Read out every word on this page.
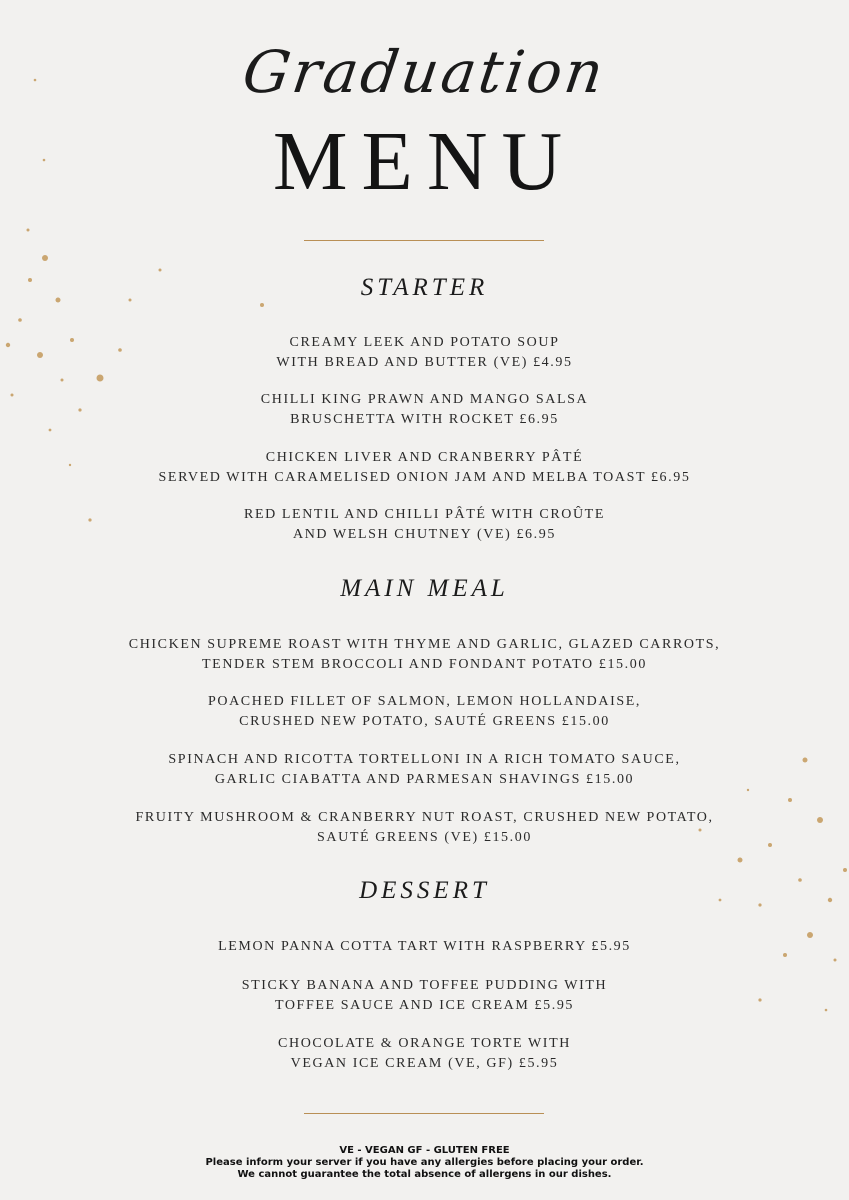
Graduation
MENU
STARTER
CREAMY LEEK AND POTATO SOUP
WITH BREAD AND BUTTER (VE) £4.95
CHILLI KING PRAWN AND MANGO SALSA
BRUSCHETTA WITH ROCKET £6.95
CHICKEN LIVER AND CRANBERRY PÂTÉ
SERVED WITH CARAMELISED ONION JAM AND MELBA TOAST £6.95
RED LENTIL AND CHILLI PÂTÉ WITH CROÛTE
AND WELSH CHUTNEY (VE) £6.95
MAIN MEAL
CHICKEN SUPREME ROAST WITH THYME AND GARLIC, GLAZED CARROTS,
TENDER STEM BROCCOLI AND FONDANT POTATO £15.00
POACHED FILLET OF SALMON, LEMON HOLLANDAISE,
CRUSHED NEW POTATO, SAUTÉ GREENS £15.00
SPINACH AND RICOTTA TORTELLONI IN A RICH TOMATO SAUCE,
GARLIC CIABATTA AND PARMESAN SHAVINGS £15.00
FRUITY MUSHROOM & CRANBERRY NUT ROAST, CRUSHED NEW POTATO,
SAUTÉ GREENS (VE) £15.00
DESSERT
LEMON PANNA COTTA TART WITH RASPBERRY £5.95
STICKY BANANA AND TOFFEE PUDDING WITH
TOFFEE SAUCE AND ICE CREAM £5.95
CHOCOLATE & ORANGE TORTE WITH
VEGAN ICE CREAM (VE, GF) £5.95
VE - VEGAN GF - GLUTEN FREE
Please inform your server if you have any allergies before placing your order.
We cannot guarantee the total absence of allergens in our dishes.
